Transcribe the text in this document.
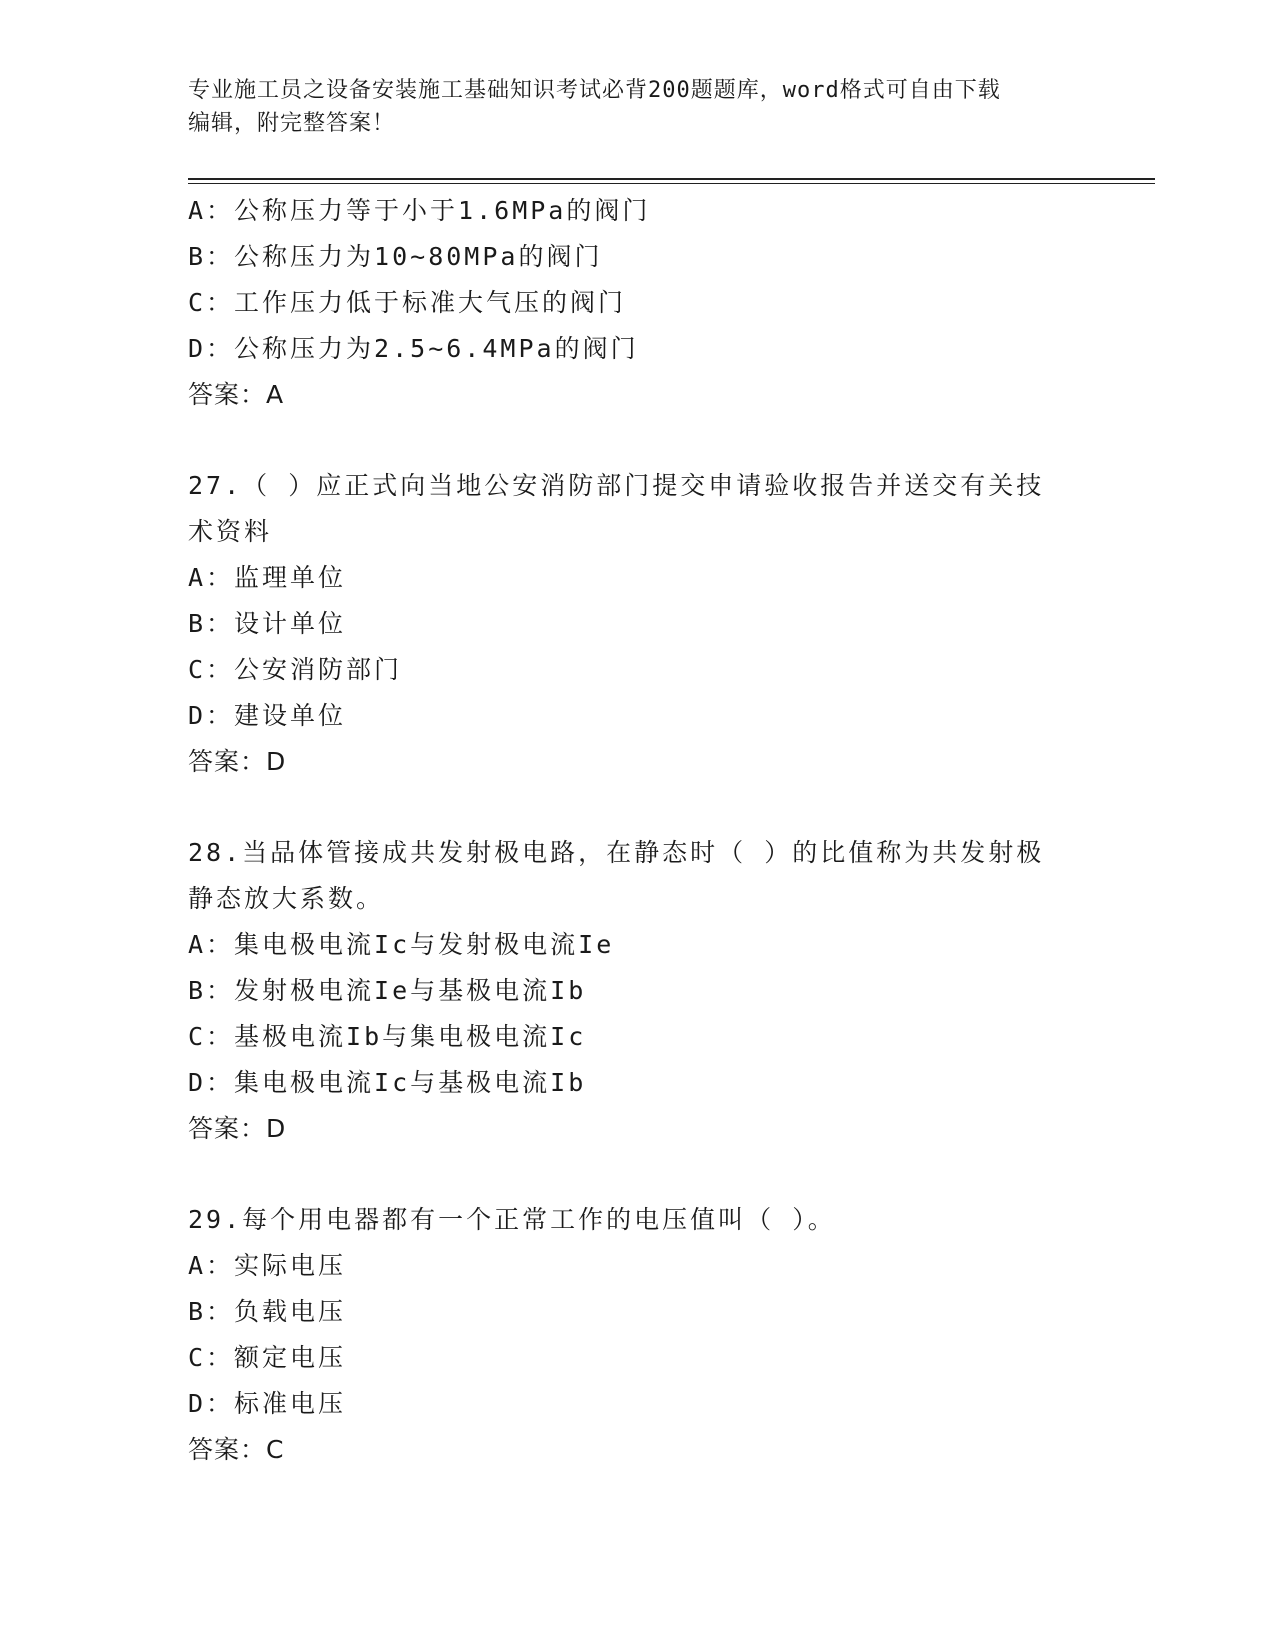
专业施工员之设备安装施工基础知识考试必背200题题库，word格式可自由下载
编辑，附完整答案！
A：公称压力等于小于1.6MPa的阀门
B：公称压力为10~80MPa的阀门
C：工作压力低于标准大气压的阀门
D：公称压力为2.5~6.4MPa的阀门
答案：A
27.（ ）应正式向当地公安消防部门提交申请验收报告并送交有关技
术资料
A：监理单位
B：设计单位
C：公安消防部门
D：建设单位
答案：D
28.当品体管接成共发射极电路，在静态时（ ）的比值称为共发射极
静态放大系数。
A：集电极电流Ic与发射极电流Ie
B：发射极电流Ie与基极电流Ib
C：基极电流Ib与集电极电流Ic
D：集电极电流Ic与基极电流Ib
答案：D
29.每个用电器都有一个正常工作的电压值叫（ ）。
A：实际电压
B：负载电压
C：额定电压
D：标准电压
答案：C
